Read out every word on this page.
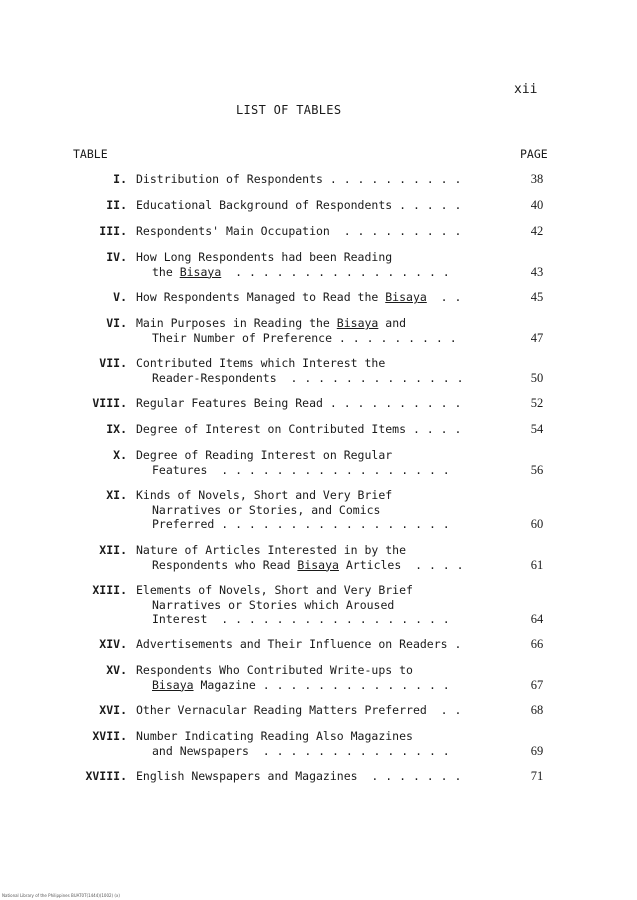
xii
LIST OF TABLES
TABLE	PAGE
I. Distribution of Respondents . . . . . . . . . .	38
II. Educational Background of Respondents . . . . .	40
III. Respondents' Main Occupation  . . . . . . . . .	42
IV. How Long Respondents had been Reading
the Bisaya  . . . . . . . . . . . . . . . .	43
V. How Respondents Managed to Read the Bisaya  . .	45
VI. Main Purposes in Reading the Bisaya and
Their Number of Preference . . . . . . . . .	47
VII. Contributed Items which Interest the
Reader-Respondents  . . . . . . . . . . . . .	50
VIII. Regular Features Being Read . . . . . . . . . .	52
IX. Degree of Interest on Contributed Items . . . .	54
X. Degree of Reading Interest on Regular
Features  . . . . . . . . . . . . . . . . .	56
XI. Kinds of Novels, Short and Very Brief
Narratives or Stories, and Comics
Preferred . . . . . . . . . . . . . . . . .	60
XII. Nature of Articles Interested in by the
Respondents who Read Bisaya Articles  . . . .	61
XIII. Elements of Novels, Short and Very Brief
Narratives or Stories which Aroused
Interest  . . . . . . . . . . . . . . . . .	64
XIV. Advertisements and Their Influence on Readers .	66
XV. Respondents Who Contributed Write-ups to
Bisaya Magazine . . . . . . . . . . . . . .	67
XVI. Other Vernacular Reading Matters Preferred  . .	68
XVII. Number Indicating Reading Also Magazines
and Newspapers  . . . . . . . . . . . . . .	69
XVIII. English Newspapers and Magazines  . . . . . . .	71
National Library of the Philippines BUAT0T(1444)(1002) (x)
